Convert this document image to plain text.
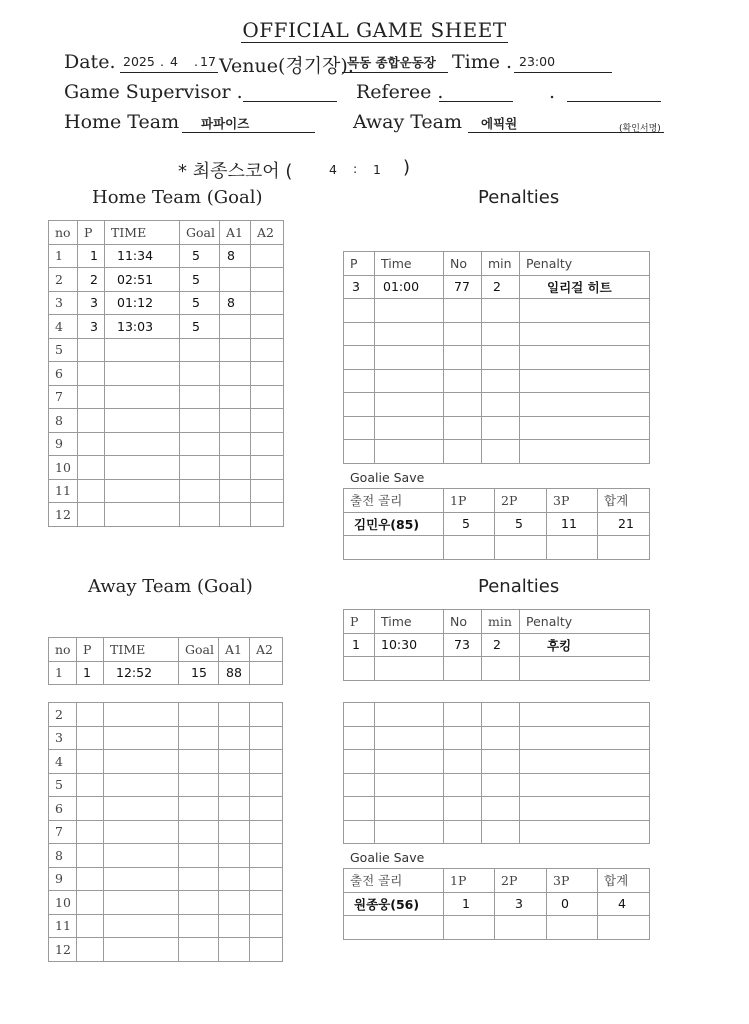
OFFICIAL GAME SHEET
Date. 2025 . 4 . 17 Venue(경기장).
목동 종합운동장 Time . 23:00
Game Supervisor .	Referee .	.
Home Team 파파이즈	Away Team 에픽원	(확인서명)
* 최종스코어 (	4 : 1 )
Home Team (Goal)
no	P	TIME	Goal	A1	A2
1	1	11:34	5	8	
2	2	02:51	5		
3	3	01:12	5	8	
4	3	13:03	5		
5					
6					
7					
8					
9					
10					
11					
12					
Penalties
P	Time	No	min	Penalty
3	01:00	77	2	일리걸 히트

Goalie Save
출전 골리	1P	2P	3P	합계
김민우(85)	5	5	11	21

Away Team (Goal)
no	P	TIME	Goal	A1	A2
1	1	12:52	15	88	
2					
3					
4					
5					
6					
7					
8					
9					
10					
11					
12					
Penalties
P	Time	No	min	Penalty
1	10:30	73	2	후킹

Goalie Save
출전 골리	1P	2P	3P	합계
원종웅(56)	1	3	0	4
